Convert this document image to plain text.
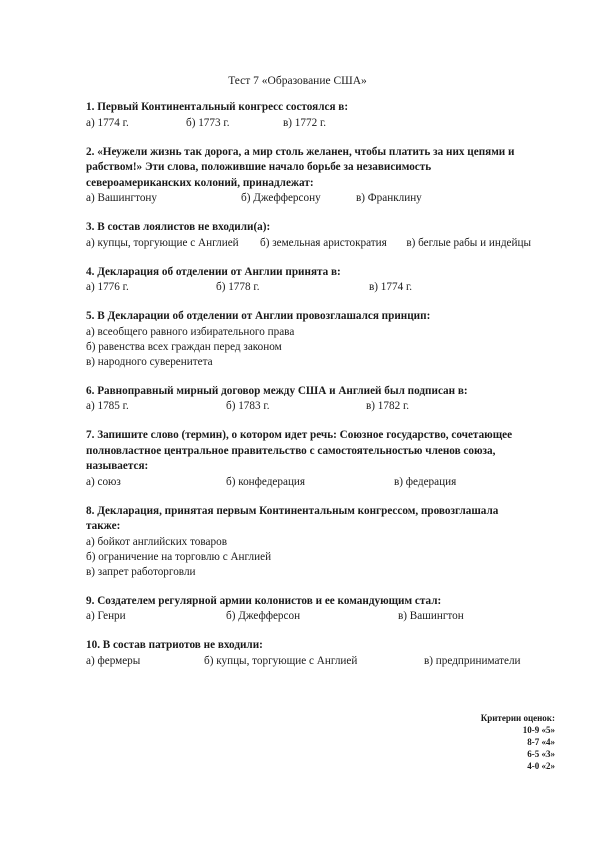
Тест 7 «Образование США»
1. Первый Континентальный конгресс состоялся в:
а) 1774 г.	б) 1773 г.	в) 1772 г.
2. «Неужели жизнь так дорога, а мир столь желанен, чтобы платить за них цепями и рабством!» Эти слова, положившие начало борьбе за независимость североамериканских колоний, принадлежат:
а) Вашингтону	б) Джефферсону	в) Франклину
3. В состав лоялистов не входили(а):
а) купцы, торгующие с Англией	б) земельная аристократия	в) беглые рабы и индейцы
4. Декларация об отделении от Англии принята в:
а) 1776 г.	б) 1778 г.	в) 1774 г.
5. В Декларации об отделении от Англии провозглашался принцип:
а) всеобщего равного избирательного права
б) равенства всех граждан перед законом
в) народного суверенитета
6. Равноправный мирный договор между США и Англией был подписан в:
а) 1785 г.	б) 1783 г.	в) 1782 г.
7. Запишите слово (термин), о котором идет речь: Союзное государство, сочетающее полновластное центральное правительство с самостоятельностью членов союза, называется:
а) союз	б) конфедерация	в) федерация
8. Декларация, принятая первым Континентальным конгрессом, провозглашала также:
а) бойкот английских товаров
б) ограничение на торговлю с Англией
в) запрет работорговли
9. Создателем регулярной армии колонистов и ее командующим стал:
а) Генри	б) Джефферсон	в) Вашингтон
10. В состав патриотов не входили:
а) фермеры	б) купцы, торгующие с Англией	в) предприниматели
Критерии оценок:
10-9 «5»
8-7 «4»
6-5 «3»
4-0 «2»
